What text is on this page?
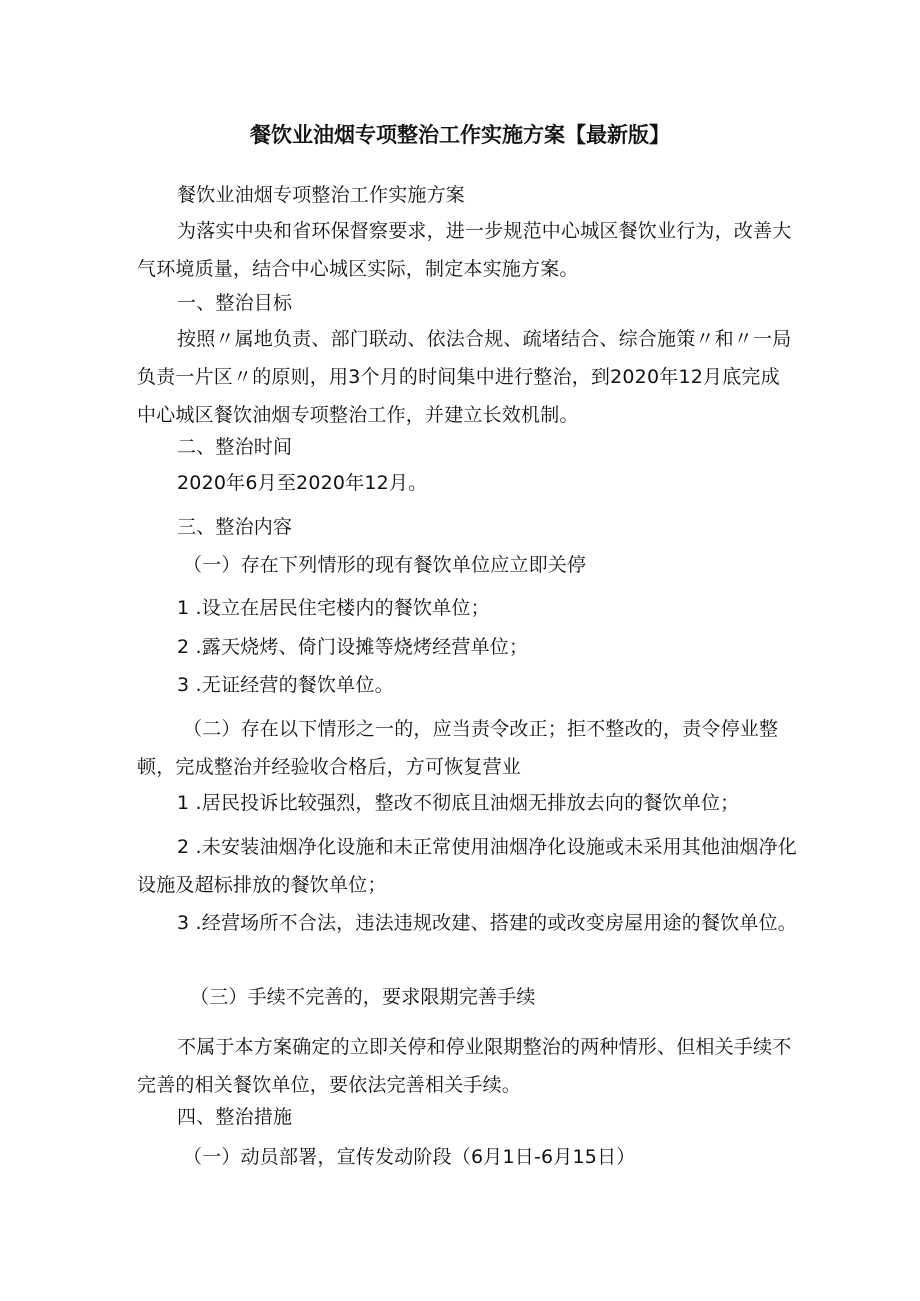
餐饮业油烟专项整治工作实施方案【最新版】
餐饮业油烟专项整治工作实施方案
为落实中央和省环保督察要求，进一步规范中心城区餐饮业行为，改善大气环境质量，结合中心城区实际，制定本实施方案。
一、整治目标
按照〃属地负责、部门联动、依法合规、疏堵结合、综合施策〃和〃一局负责一片区〃的原则，用3个月的时间集中进行整治，到2020年12月底完成中心城区餐饮油烟专项整治工作，并建立长效机制。
二、整治时间
2020年6月至2020年12月。
三、整治内容
（一）存在下列情形的现有餐饮单位应立即关停
1 .设立在居民住宅楼内的餐饮单位；
2 .露天烧烤、倚门设摊等烧烤经营单位；
3 .无证经营的餐饮单位。
（二）存在以下情形之一的，应当责令改正；拒不整改的，责令停业整顿，完成整治并经验收合格后，方可恢复营业
1 .居民投诉比较强烈，整改不彻底且油烟无排放去向的餐饮单位；
2 .未安装油烟净化设施和未正常使用油烟净化设施或未采用其他油烟净化设施及超标排放的餐饮单位；
3 .经营场所不合法，违法违规改建、搭建的或改变房屋用途的餐饮单位。
（三）手续不完善的，要求限期完善手续
不属于本方案确定的立即关停和停业限期整治的两种情形、但相关手续不完善的相关餐饮单位，要依法完善相关手续。
四、整治措施
（一）动员部署，宣传发动阶段（6月1日-6月15日）
